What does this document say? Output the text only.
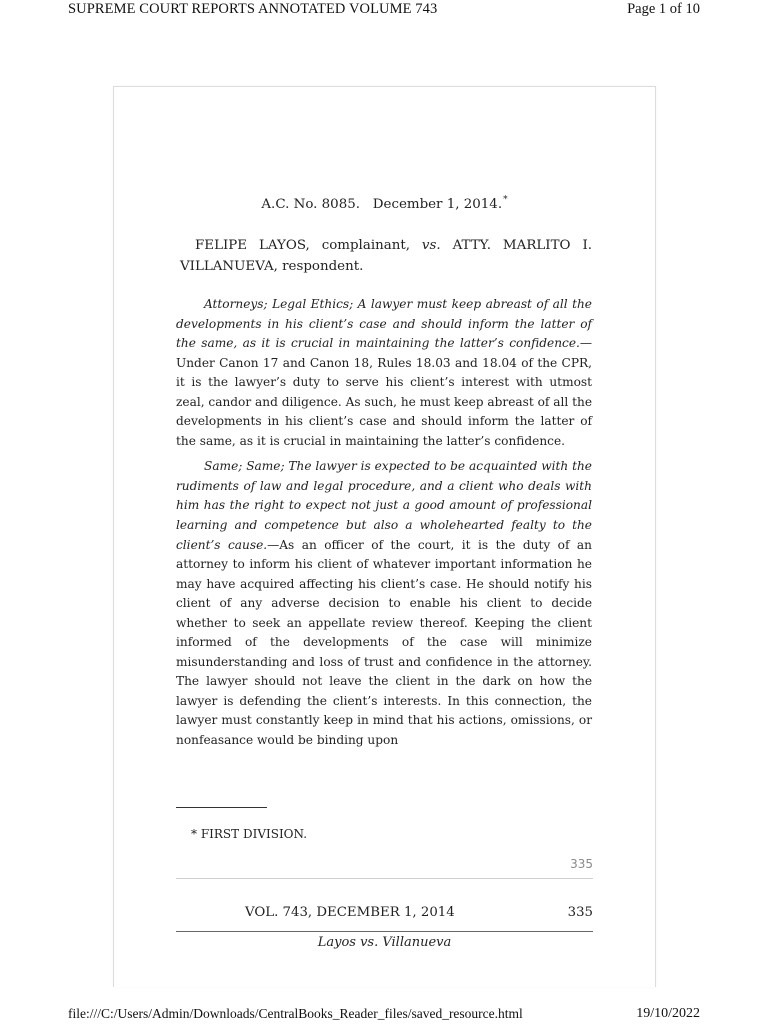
SUPREME COURT REPORTS ANNOTATED VOLUME 743	Page 1 of 10
A.C. No. 8085. December 1, 2014.*
FELIPE LAYOS, complainant, vs. ATTY. MARLITO I. VILLANUEVA, respondent.

Attorneys; Legal Ethics; A lawyer must keep abreast of all the developments in his client’s case and should inform the latter of the same, as it is crucial in maintaining the latter’s confidence.—Under Canon 17 and Canon 18, Rules 18.03 and 18.04 of the CPR, it is the lawyer’s duty to serve his client’s interest with utmost zeal, candor and diligence. As such, he must keep abreast of all the developments in his client’s case and should inform the latter of the same, as it is crucial in maintaining the latter’s confidence.

Same; Same; The lawyer is expected to be acquainted with the rudiments of law and legal procedure, and a client who deals with him has the right to expect not just a good amount of professional learning and competence but also a wholehearted fealty to the client’s cause.—As an officer of the court, it is the duty of an attorney to inform his client of whatever important information he may have acquired affecting his client’s case. He should notify his client of any adverse decision to enable his client to decide whether to seek an appellate review thereof. Keeping the client informed of the developments of the case will minimize misunderstanding and loss of trust and confidence in the attorney. The lawyer should not leave the client in the dark on how the lawyer is defending the client’s interests. In this connection, the lawyer must constantly keep in mind that his actions, omissions, or nonfeasance would be binding upon

* FIRST DIVISION.
335
VOL. 743, DECEMBER 1, 2014	335
Layos vs. Villanueva
file:///C:/Users/Admin/Downloads/CentralBooks_Reader_files/saved_resource.html	19/10/2022
